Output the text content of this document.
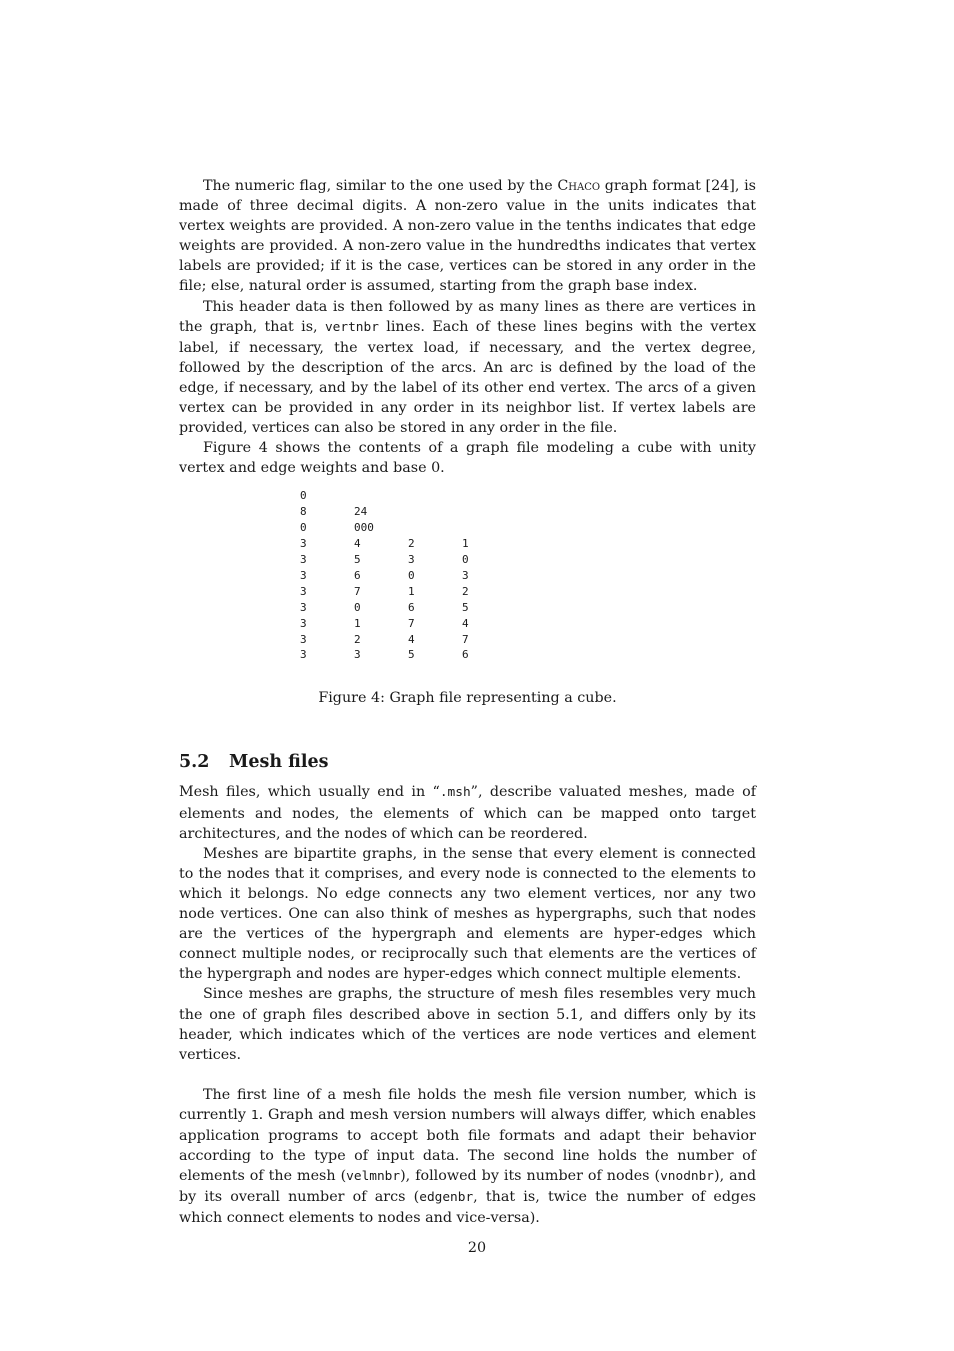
The numeric flag, similar to the one used by the Chaco graph format [24], is made of three decimal digits. A non-zero value in the units indicates that vertex weights are provided. A non-zero value in the tenths indicates that edge weights are provided. A non-zero value in the hundredths indicates that vertex labels are provided; if it is the case, vertices can be stored in any order in the file; else, natural order is assumed, starting from the graph base index.

This header data is then followed by as many lines as there are vertices in the graph, that is, vertnbr lines. Each of these lines begins with the vertex label, if necessary, the vertex load, if necessary, and the vertex degree, followed by the description of the arcs. An arc is defined by the load of the edge, if necessary, and by the label of its other end vertex. The arcs of a given vertex can be provided in any order in its neighbor list. If vertex labels are provided, vertices can also be stored in any order in the file.

Figure 4 shows the contents of a graph file modeling a cube with unity vertex and edge weights and base 0.

0
8	24
0	000
3	4	2	1
3	5	3	0
3	6	0	3
3	7	1	2
3	0	6	5
3	1	7	4
3	2	4	7
3	3	5	6
Figure 4: Graph file representing a cube.
5.2 Mesh files

Mesh files, which usually end in “.msh”, describe valuated meshes, made of elements and nodes, the elements of which can be mapped onto target architectures, and the nodes of which can be reordered.

Meshes are bipartite graphs, in the sense that every element is connected to the nodes that it comprises, and every node is connected to the elements to which it belongs. No edge connects any two element vertices, nor any two node vertices. One can also think of meshes as hypergraphs, such that nodes are the vertices of the hypergraph and elements are hyper-edges which connect multiple nodes, or reciprocally such that elements are the vertices of the hypergraph and nodes are hyper-edges which connect multiple elements.

Since meshes are graphs, the structure of mesh files resembles very much the one of graph files described above in section 5.1, and differs only by its header, which indicates which of the vertices are node vertices and element vertices.

The first line of a mesh file holds the mesh file version number, which is currently 1. Graph and mesh version numbers will always differ, which enables application programs to accept both file formats and adapt their behavior according to the type of input data. The second line holds the number of elements of the mesh (velmnbr), followed by its number of nodes (vnodnbr), and by its overall number of arcs (edgenbr, that is, twice the number of edges which connect elements to nodes and vice-versa).

20
